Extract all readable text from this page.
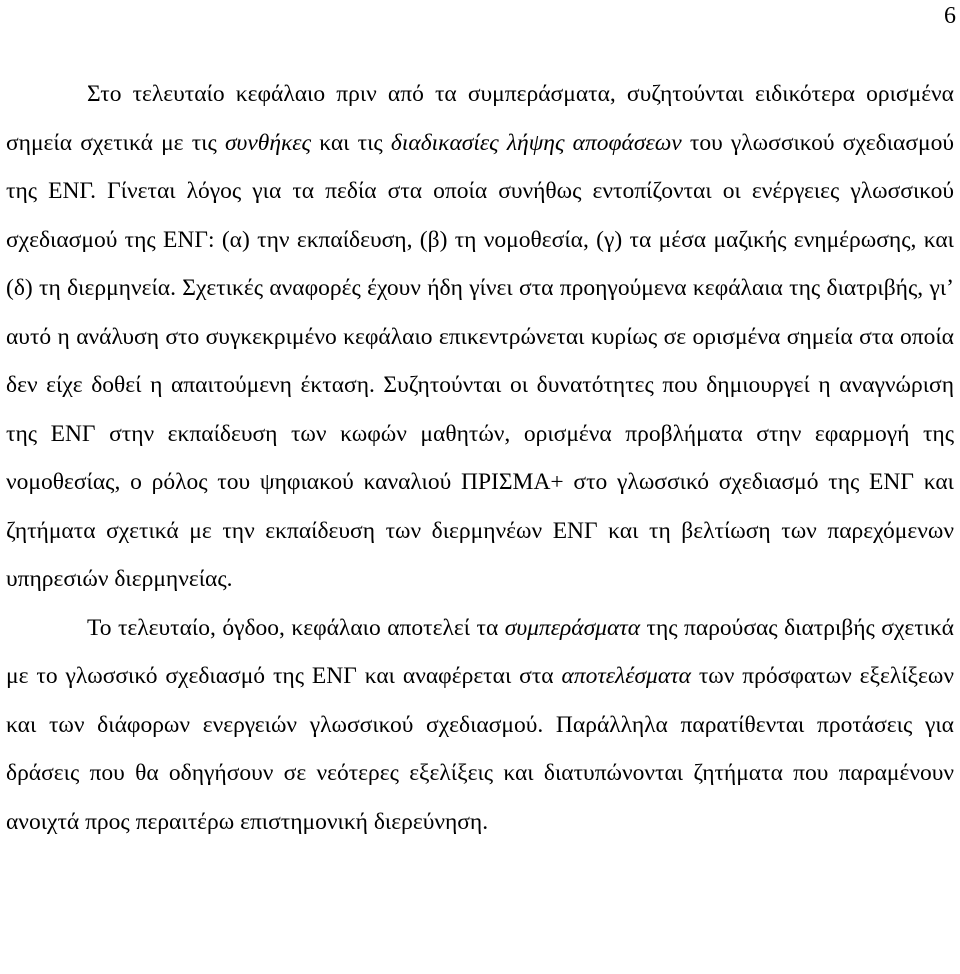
6

Στο τελευταίο κεφάλαιο πριν από τα συμπεράσματα, συζητούνται ειδικότερα ορισμένα σημεία σχετικά με τις συνθήκες και τις διαδικασίες λήψης αποφάσεων του γλωσσικού σχεδιασμού της ΕΝΓ. Γίνεται λόγος για τα πεδία στα οποία συνήθως εντοπίζονται οι ενέργειες γλωσσικού σχεδιασμού της ΕΝΓ: (α) την εκπαίδευση, (β) τη νομοθεσία, (γ) τα μέσα μαζικής ενημέρωσης, και (δ) τη διερμηνεία. Σχετικές αναφορές έχουν ήδη γίνει στα προηγούμενα κεφάλαια της διατριβής, γι’ αυτό η ανάλυση στο συγκεκριμένο κεφάλαιο επικεντρώνεται κυρίως σε ορισμένα σημεία στα οποία δεν είχε δοθεί η απαιτούμενη έκταση. Συζητούνται οι δυνατότητες που δημιουργεί η αναγνώριση της ΕΝΓ στην εκπαίδευση των κωφών μαθητών, ορισμένα προβλήματα στην εφαρμογή της νομοθεσίας, ο ρόλος του ψηφιακού καναλιού ΠΡΙΣΜΑ+ στο γλωσσικό σχεδιασμό της ΕΝΓ και ζητήματα σχετικά με την εκπαίδευση των διερμηνέων ΕΝΓ και τη βελτίωση των παρεχόμενων υπηρεσιών διερμηνείας.

Το τελευταίο, όγδοο, κεφάλαιο αποτελεί τα συμπεράσματα της παρούσας διατριβής σχετικά με το γλωσσικό σχεδιασμό της ΕΝΓ και αναφέρεται στα αποτελέσματα των πρόσφατων εξελίξεων και των διάφορων ενεργειών γλωσσικού σχεδιασμού. Παράλληλα παρατίθενται προτάσεις για δράσεις που θα οδηγήσουν σε νεότερες εξελίξεις και διατυπώνονται ζητήματα που παραμένουν ανοιχτά προς περαιτέρω επιστημονική διερεύνηση.
